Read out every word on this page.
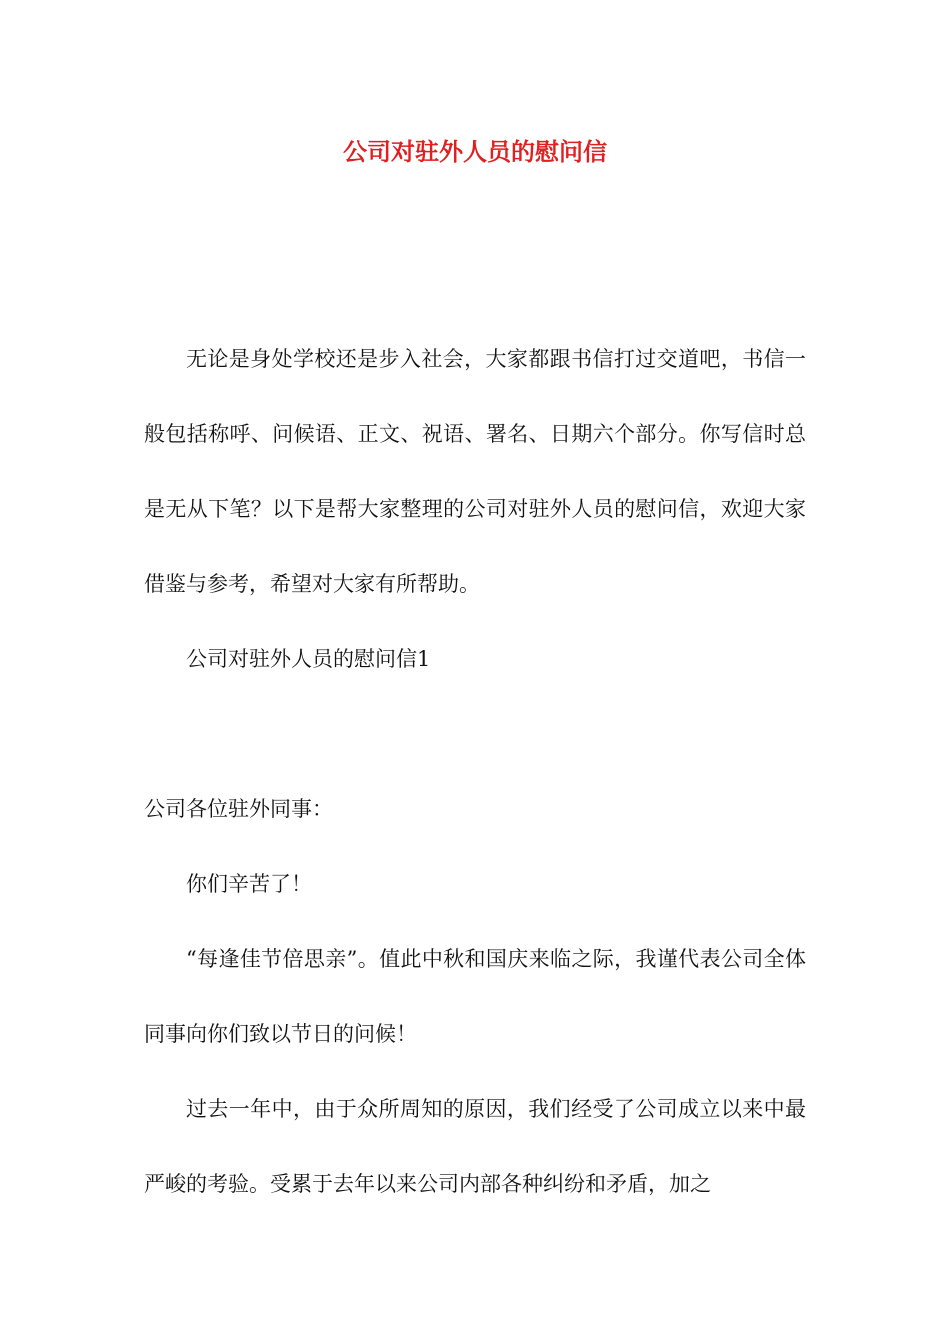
公司对驻外人员的慰问信

无论是身处学校还是步入社会，大家都跟书信打过交道吧，书信一般包括称呼、问候语、正文、祝语、署名、日期六个部分。你写信时总是无从下笔？以下是帮大家整理的公司对驻外人员的慰问信，欢迎大家借鉴与参考，希望对大家有所帮助。

公司对驻外人员的慰问信1

公司各位驻外同事：

你们辛苦了！

“每逢佳节倍思亲”。值此中秋和国庆来临之际，我谨代表公司全体同事向你们致以节日的问候！

过去一年中，由于众所周知的原因，我们经受了公司成立以来中最严峻的考验。受累于去年以来公司内部各种纠纷和矛盾，加之
